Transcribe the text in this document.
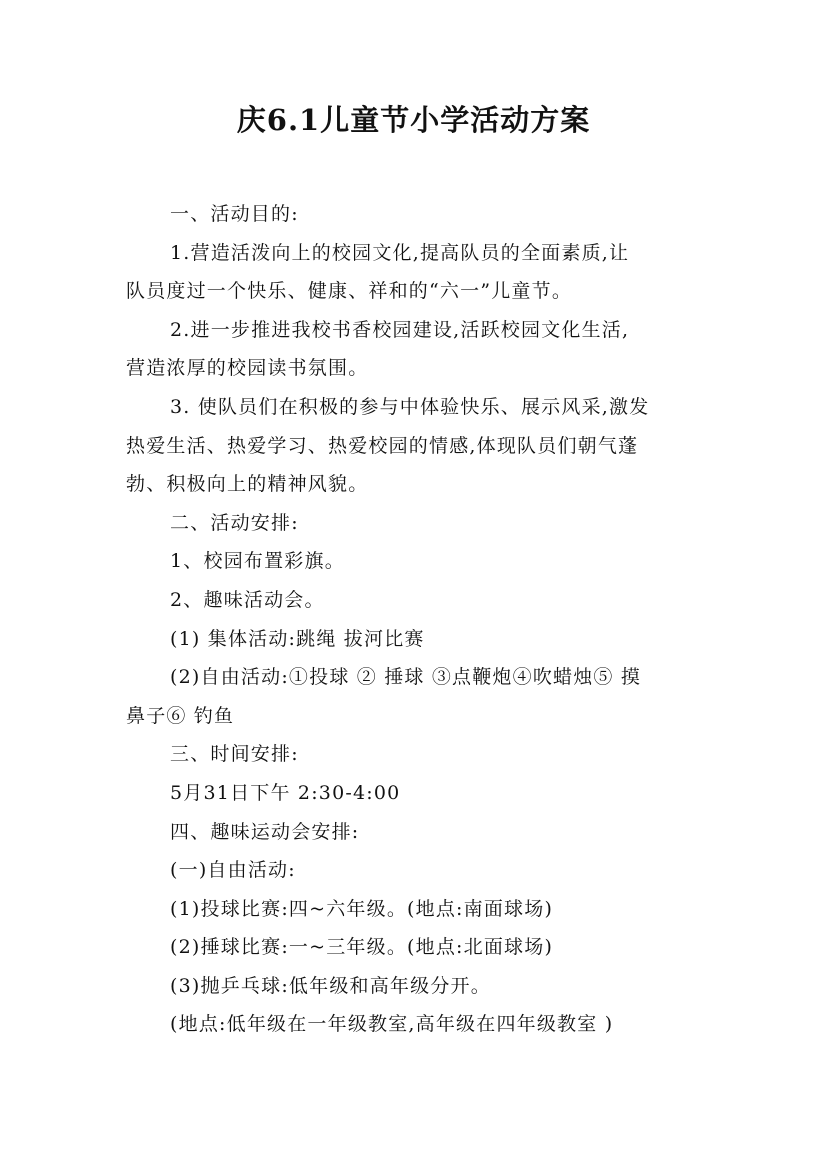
庆6.1儿童节小学活动方案

一、活动目的:

1.营造活泼向上的校园文化,提高队员的全面素质,让
队员度过一个快乐、健康、祥和的“六一”儿童节。

2.进一步推进我校书香校园建设,活跃校园文化生活,
营造浓厚的校园读书氛围。

3. 使队员们在积极的参与中体验快乐、展示风采,激发
热爱生活、热爱学习、热爱校园的情感,体现队员们朝气蓬
勃、积极向上的精神风貌。

二、活动安排:

1、校园布置彩旗。

2、趣味活动会。

(1) 集体活动:跳绳 拔河比赛

(2)自由活动:①投球 ② 捶球 ③点鞭炮④吹蜡烛⑤ 摸
鼻子⑥ 钓鱼

三、时间安排:

5月31日下午 2:30-4:00

四、趣味运动会安排:

(一)自由活动:

(1)投球比赛:四~六年级。(地点:南面球场)

(2)捶球比赛:一~三年级。(地点:北面球场)

(3)抛乒乓球:低年级和高年级分开。

(地点:低年级在一年级教室,高年级在四年级教室 )
